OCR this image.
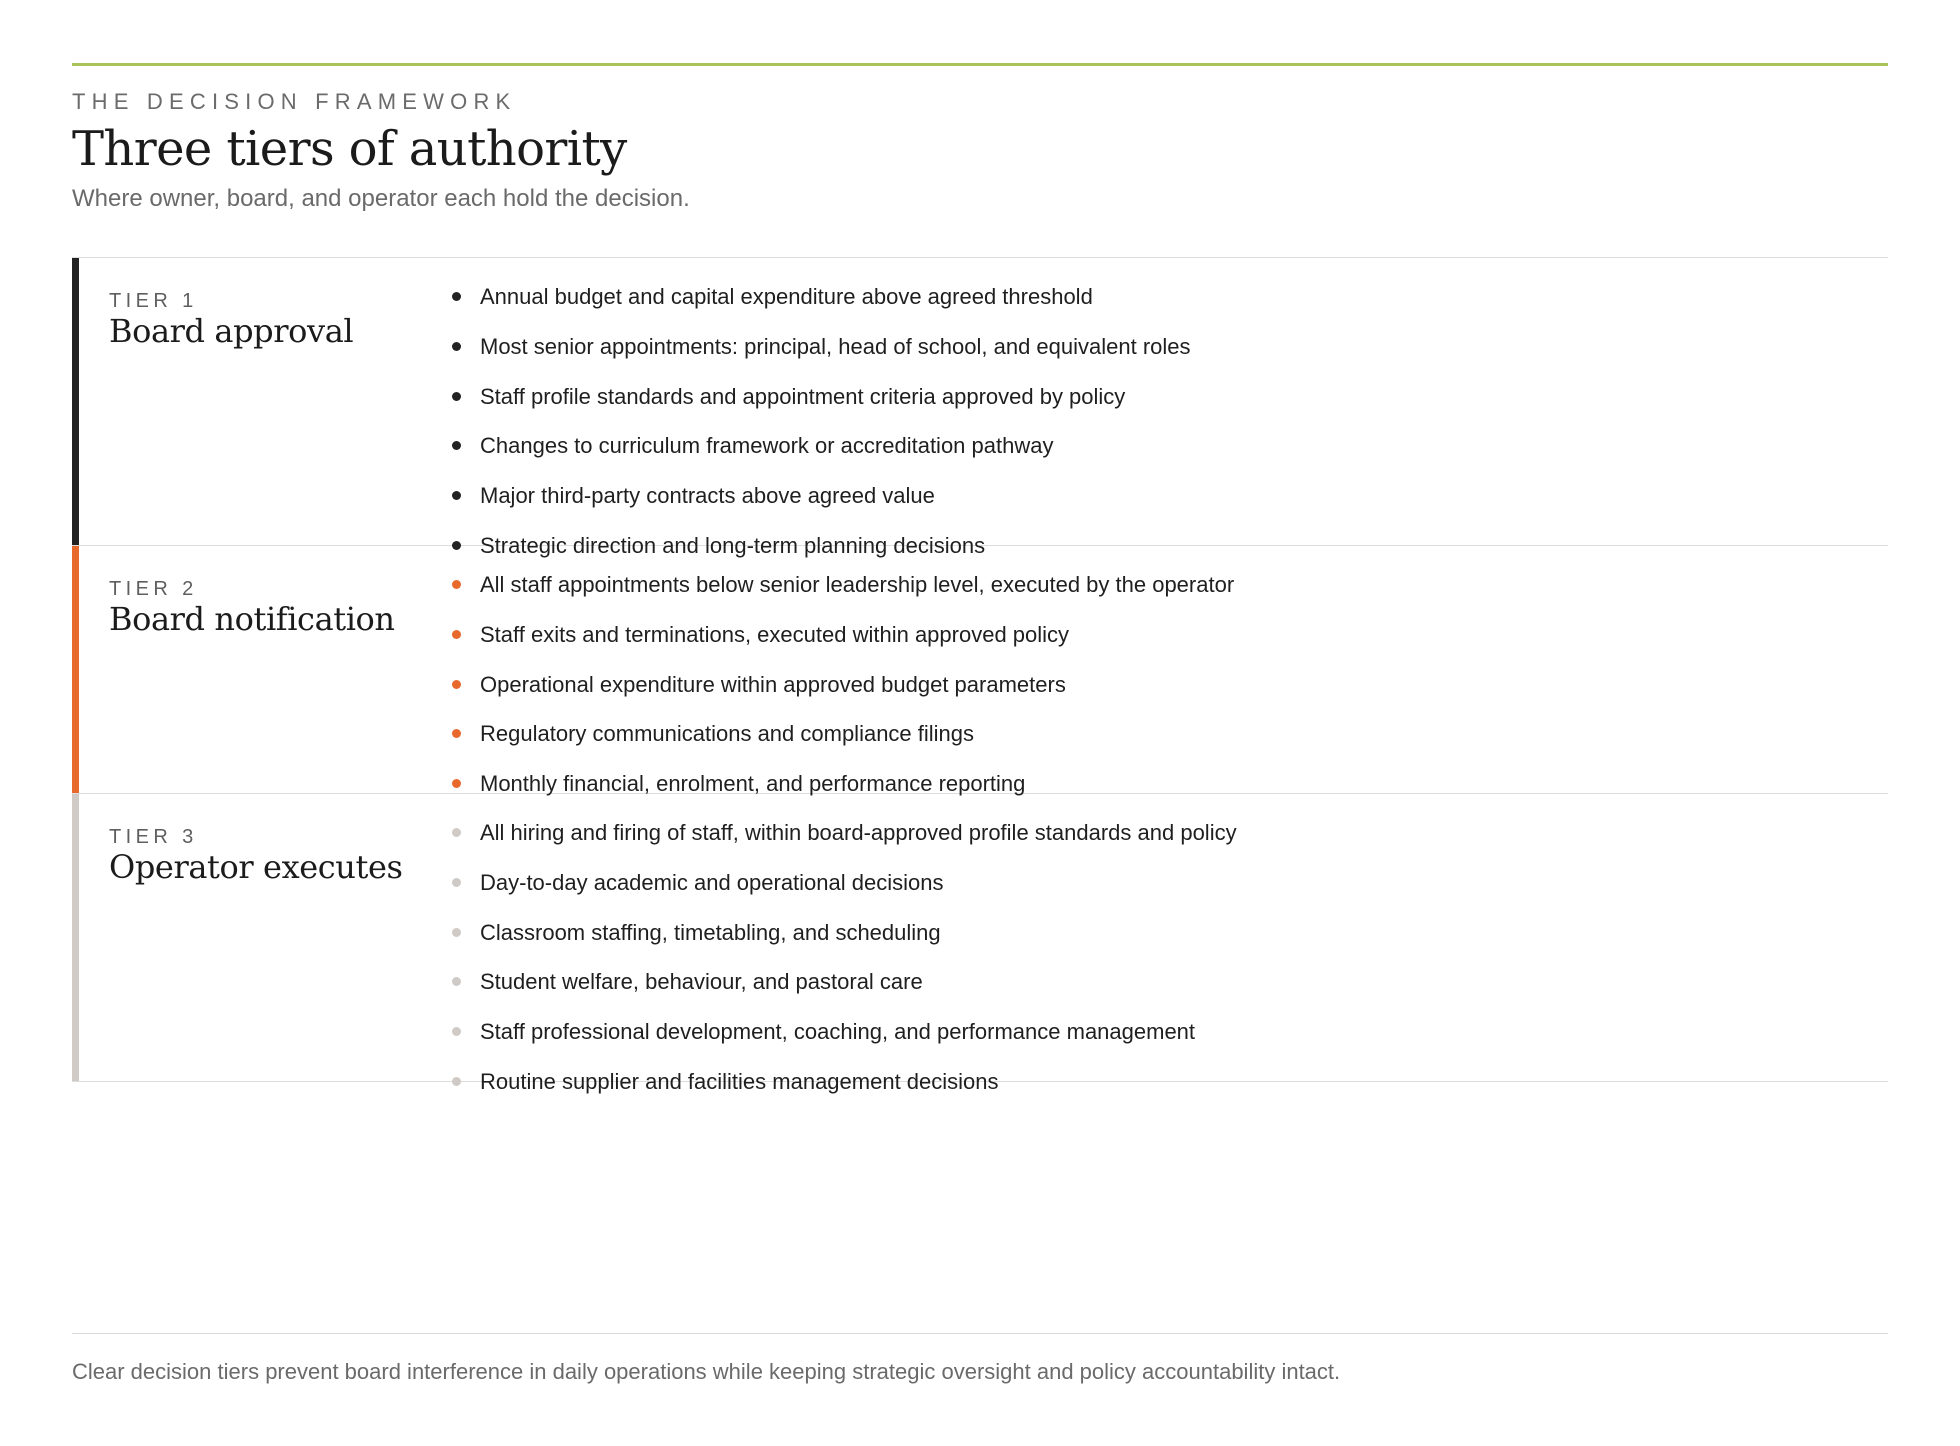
THE DECISION FRAMEWORK
Three tiers of authority
Where owner, board, and operator each hold the decision.
TIER 1
Board approval
Annual budget and capital expenditure above agreed threshold
Most senior appointments: principal, head of school, and equivalent roles
Staff profile standards and appointment criteria approved by policy
Changes to curriculum framework or accreditation pathway
Major third-party contracts above agreed value
Strategic direction and long-term planning decisions
TIER 2
Board notification
All staff appointments below senior leadership level, executed by the operator
Staff exits and terminations, executed within approved policy
Operational expenditure within approved budget parameters
Regulatory communications and compliance filings
Monthly financial, enrolment, and performance reporting
TIER 3
Operator executes
All hiring and firing of staff, within board-approved profile standards and policy
Day-to-day academic and operational decisions
Classroom staffing, timetabling, and scheduling
Student welfare, behaviour, and pastoral care
Staff professional development, coaching, and performance management
Routine supplier and facilities management decisions
Clear decision tiers prevent board interference in daily operations while keeping strategic oversight and policy accountability intact.
